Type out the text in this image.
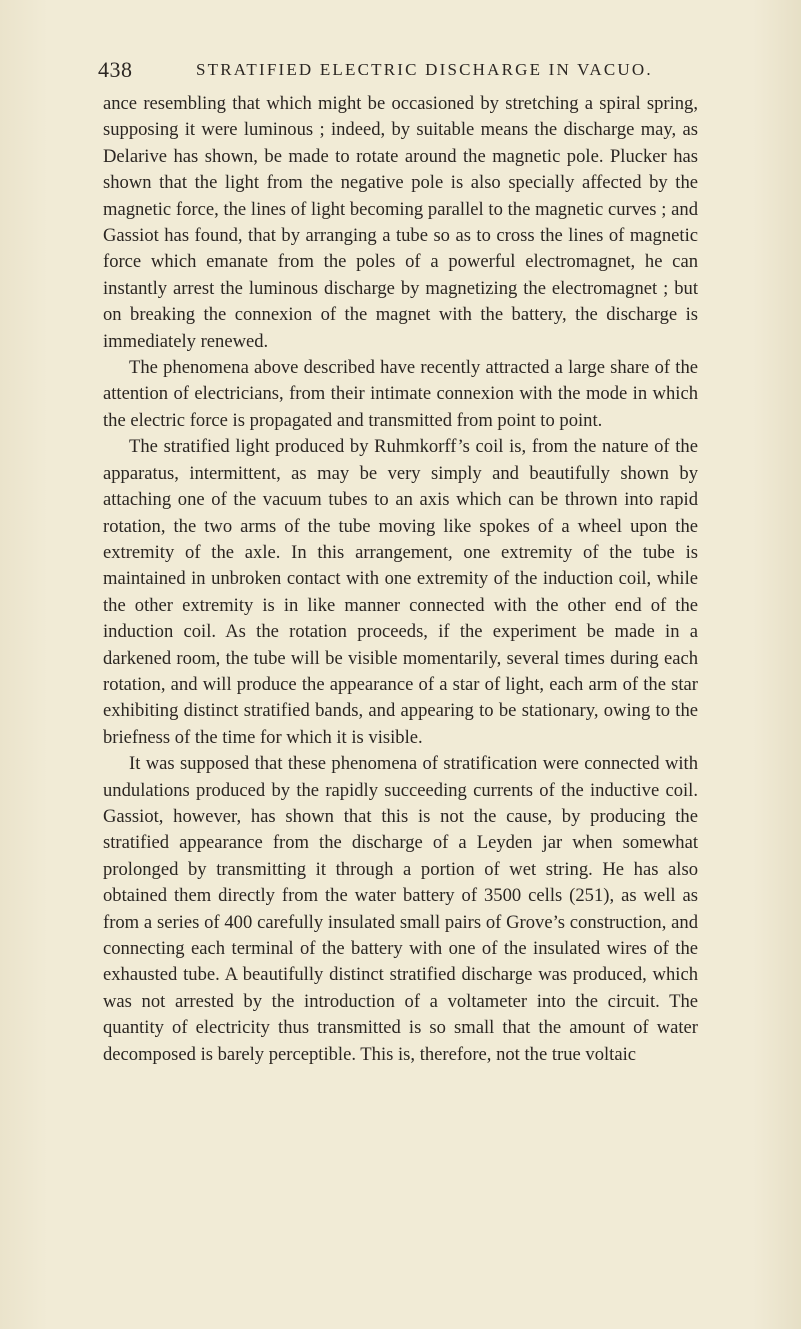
438	STRATIFIED ELECTRIC DISCHARGE IN VACUO.

ance resembling that which might be occasioned by stretching a spiral spring, supposing it were luminous ; indeed, by suitable means the discharge may, as Delarive has shown, be made to rotate around the magnetic pole. Plucker has shown that the light from the negative pole is also specially affected by the magnetic force, the lines of light becoming parallel to the magnetic curves ; and Gassiot has found, that by arranging a tube so as to cross the lines of magnetic force which emanate from the poles of a powerful electromagnet, he can instantly arrest the luminous discharge by magnetizing the electromagnet ; but on breaking the connexion of the magnet with the battery, the discharge is immediately renewed.

The phenomena above described have recently attracted a large share of the attention of electricians, from their intimate connexion with the mode in which the electric force is propagated and transmitted from point to point.

The stratified light produced by Ruhmkorff’s coil is, from the nature of the apparatus, intermittent, as may be very simply and beautifully shown by attaching one of the vacuum tubes to an axis which can be thrown into rapid rotation, the two arms of the tube moving like spokes of a wheel upon the extremity of the axle. In this arrangement, one extremity of the tube is maintained in unbroken contact with one extremity of the induction coil, while the other extremity is in like manner connected with the other end of the induction coil. As the rotation proceeds, if the experiment be made in a darkened room, the tube will be visible momentarily, several times during each rotation, and will produce the appearance of a star of light, each arm of the star exhibiting distinct stratified bands, and appearing to be stationary, owing to the briefness of the time for which it is visible.

It was supposed that these phenomena of stratification were connected with undulations produced by the rapidly succeeding currents of the inductive coil. Gassiot, however, has shown that this is not the cause, by producing the stratified appearance from the discharge of a Leyden jar when somewhat prolonged by transmitting it through a portion of wet string. He has also obtained them directly from the water battery of 3500 cells (251), as well as from a series of 400 carefully insulated small pairs of Grove’s construction, and connecting each terminal of the battery with one of the insulated wires of the exhausted tube. A beautifully distinct stratified discharge was produced, which was not arrested by the introduction of a voltameter into the circuit. The quantity of electricity thus transmitted is so small that the amount of water decomposed is barely perceptible. This is, therefore, not the true voltaic
